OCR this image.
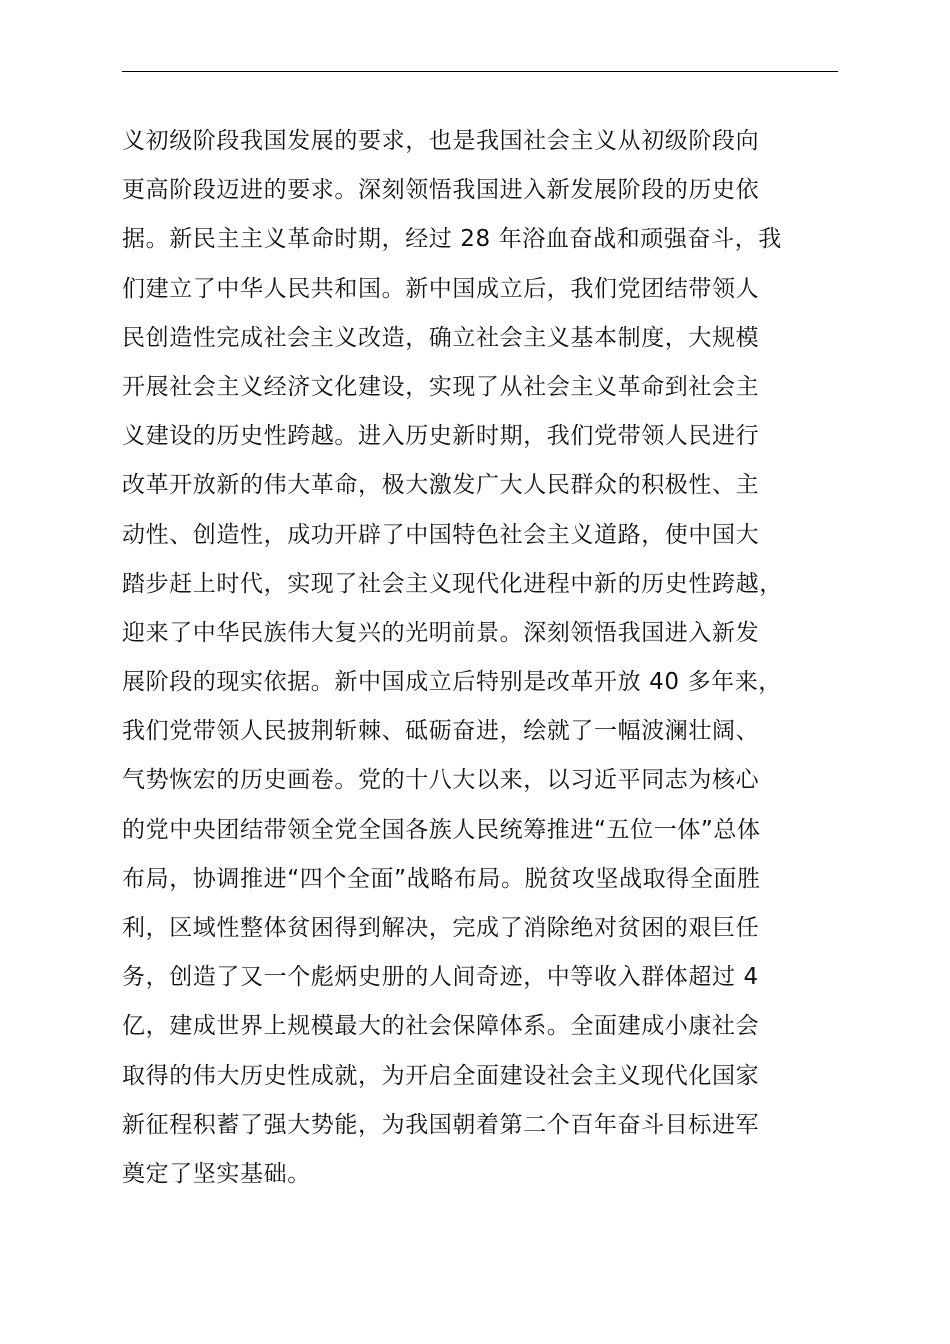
义初级阶段我国发展的要求，也是我国社会主义从初级阶段向
更高阶段迈进的要求。深刻领悟我国进入新发展阶段的历史依
据。新民主主义革命时期，经过 28 年浴血奋战和顽强奋斗，我
们建立了中华人民共和国。新中国成立后，我们党团结带领人
民创造性完成社会主义改造，确立社会主义基本制度，大规模
开展社会主义经济文化建设，实现了从社会主义革命到社会主
义建设的历史性跨越。进入历史新时期，我们党带领人民进行
改革开放新的伟大革命，极大激发广大人民群众的积极性、主
动性、创造性，成功开辟了中国特色社会主义道路，使中国大
踏步赶上时代，实现了社会主义现代化进程中新的历史性跨越，
迎来了中华民族伟大复兴的光明前景。深刻领悟我国进入新发
展阶段的现实依据。新中国成立后特别是改革开放 40 多年来，
我们党带领人民披荆斩棘、砥砺奋进，绘就了一幅波澜壮阔、
气势恢宏的历史画卷。党的十八大以来，以习近平同志为核心
的党中央团结带领全党全国各族人民统筹推进“五位一体”总体
布局，协调推进“四个全面”战略布局。脱贫攻坚战取得全面胜
利，区域性整体贫困得到解决，完成了消除绝对贫困的艰巨任
务，创造了又一个彪炳史册的人间奇迹，中等收入群体超过 4
亿，建成世界上规模最大的社会保障体系。全面建成小康社会
取得的伟大历史性成就，为开启全面建设社会主义现代化国家
新征程积蓄了强大势能，为我国朝着第二个百年奋斗目标进军
奠定了坚实基础。
